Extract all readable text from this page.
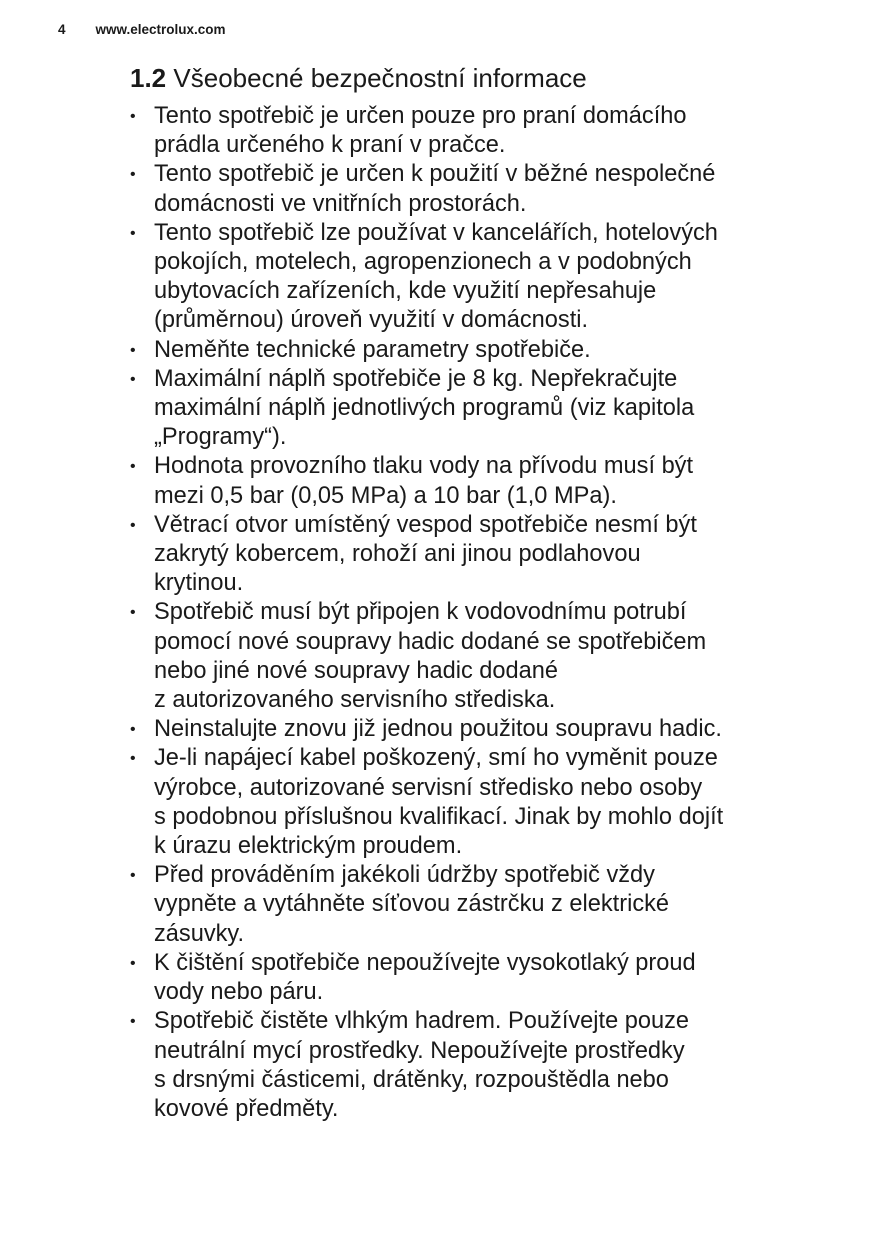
4 www.electrolux.com
1.2 Všeobecné bezpečnostní informace
• Tento spotřebič je určen pouze pro praní domácího
prádla určeného k praní v pračce.
• Tento spotřebič je určen k použití v běžné nespolečné
domácnosti ve vnitřních prostorách.
• Tento spotřebič lze používat v kancelářích, hotelových
pokojích, motelech, agropenzionech a v podobných
ubytovacích zařízeních, kde využití nepřesahuje
(průměrnou) úroveň využití v domácnosti.
• Neměňte technické parametry spotřebiče.
• Maximální náplň spotřebiče je 8 kg. Nepřekračujte
maximální náplň jednotlivých programů (viz kapitola
„Programy“).
• Hodnota provozního tlaku vody na přívodu musí být
mezi 0,5 bar (0,05 MPa) a 10 bar (1,0 MPa).
• Větrací otvor umístěný vespod spotřebiče nesmí být
zakrytý kobercem, rohoží ani jinou podlahovou
krytinou.
• Spotřebič musí být připojen k vodovodnímu potrubí
pomocí nové soupravy hadic dodané se spotřebičem
nebo jiné nové soupravy hadic dodané
z autorizovaného servisního střediska.
• Neinstalujte znovu již jednou použitou soupravu hadic.
• Je-li napájecí kabel poškozený, smí ho vyměnit pouze
výrobce, autorizované servisní středisko nebo osoby
s podobnou příslušnou kvalifikací. Jinak by mohlo dojít
k úrazu elektrickým proudem.
• Před prováděním jakékoli údržby spotřebič vždy
vypněte a vytáhněte síťovou zástrčku z elektrické
zásuvky.
• K čištění spotřebiče nepoužívejte vysokotlaký proud
vody nebo páru.
• Spotřebič čistěte vlhkým hadrem. Používejte pouze
neutrální mycí prostředky. Nepoužívejte prostředky
s drsnými částicemi, drátěnky, rozpouštědla nebo
kovové předměty.
